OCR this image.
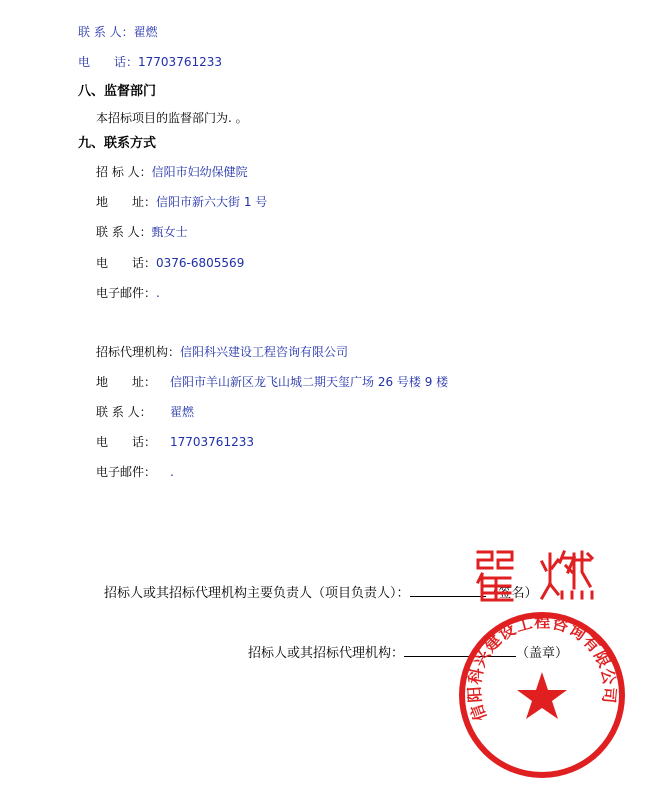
联 系 人：翟燃
电　　话：17703761233
八、监督部门
本招标项目的监督部门为. 。
九、联系方式
招 标 人：信阳市妇幼保健院
地　　址：信阳市新六大街 1 号
联 系 人：甄女士
电　　话：0376-6805569
电子邮件：.
招标代理机构：信阳科兴建设工程咨询有限公司
地　　址： 信阳市羊山新区龙飞山城二期天玺广场 26 号楼 9 楼
联 系 人： 翟燃
电　　话： 17703761233
电子邮件： .
招标人或其招标代理机构主要负责人（项目负责人）：	（签名）
招标人或其招标代理机构：	（盖章）
信阳科兴建设工程咨询有限公司
